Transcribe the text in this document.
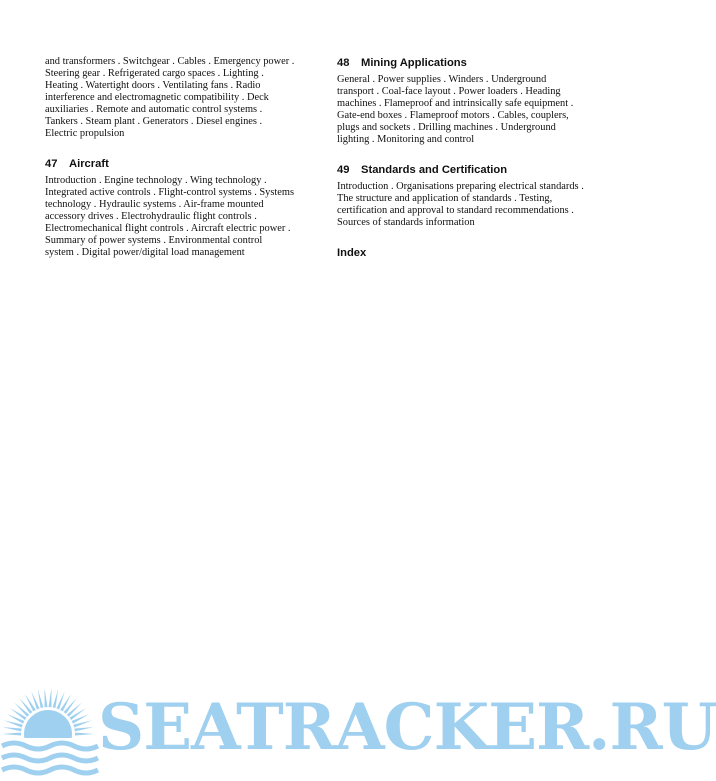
and transformers . Switchgear . Cables . Emergency power .

Steering gear . Refrigerated cargo spaces . Lighting .

Heating . Watertight doors . Ventilating fans . Radio

interference and electromagnetic compatibility . Deck

auxiliaries . Remote and automatic control systems .

Tankers . Steam plant . Generators . Diesel engines .

Electric propulsion

47 Aircraft

Introduction . Engine technology . Wing technology .

Integrated active controls . Flight-control systems . Systems

technology . Hydraulic systems . Air-frame mounted

accessory drives . Electrohydraulic flight controls .

Electromechanical flight controls . Aircraft electric power .

Summary of power systems . Environmental control

system . Digital power/digital load management

48 Mining Applications

General . Power supplies . Winders . Underground

transport . Coal-face layout . Power loaders . Heading

machines . Flameproof and intrinsically safe equipment .

Gate-end boxes . Flameproof motors . Cables, couplers,

plugs and sockets . Drilling machines . Underground

lighting . Monitoring and control

49 Standards and Certification

Introduction . Organisations preparing electrical standards .

The structure and application of standards . Testing,

certification and approval to standard recommendations .

Sources of standards information

Index
SEATRACKER.RU
